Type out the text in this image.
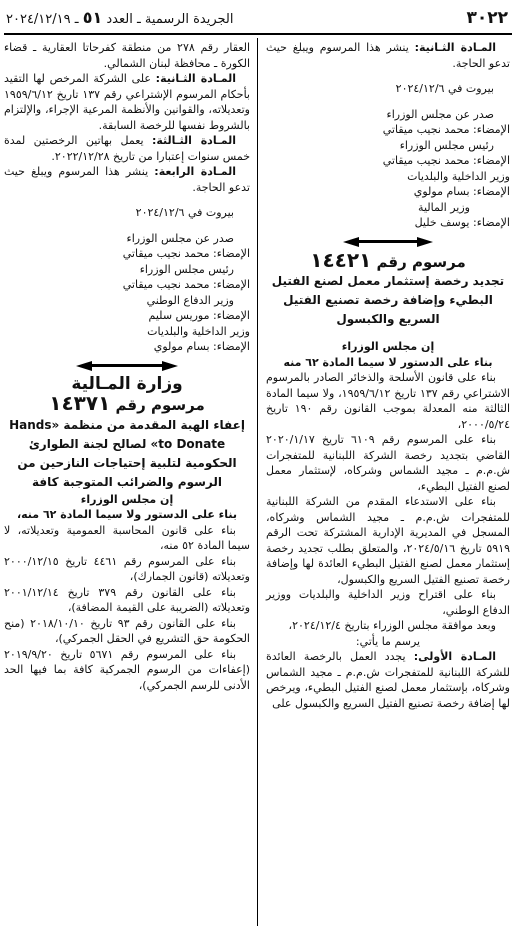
٣٠٢٢
الجريدة الرسمية ـ العدد ٥١ ـ ٢٠٢٤/١٢/١٩

المـادة الثـانية: ينشر هذا المرسوم ويبلغ حيث تدعو الحاجة.

بيروت في ٢٠٢٤/١٢/٦

صدر عن مجلس الوزراء

الإمضاء: محمد نجيب ميقاتي

رئيس مجلس الوزراء

الإمضاء: محمد نجيب ميقاتي

وزير الداخلية والبلديات

الإمضاء: بسام مولوي

وزير المالية

الإمضاء: يوسف خليل

مرسوم رقم ١٤٤٢١

تجديد رخصة إستثمار معمل لصنع الفتيل البطيء وإضافة رخصة تصنيع الفتيل السريع والكبسول

إن مجلس الوزراء

بناء على الدستور لا سيما المادة ٦٢ منه

بناء على قانون الأسلحة والذخائر الصادر بالمرسوم الاشتراعي رقم ١٣٧ تاريخ ١٩٥٩/٦/١٢، ولا سيما المادة الثالثة منه المعدلة بموجب القانون رقم ١٩٠ تاريخ ٢٠٠٠/٥/٢٤،

بناء على المرسوم رقم ٦١٠٩ تاريخ ٢٠٢٠/١/١٧ القاضي بتجديد رخصة الشركة اللبنانية للمتفجرات ش.م.م ـ مجيد الشماس وشركاه، لإستثمار معمل لصنع الفتيل البطيء،

بناء على الاستدعاء المقدم من الشركة اللبنانية للمتفجرات ش.م.م ـ مجيد الشماس وشركاه، المسجل في المديرية الإدارية المشتركة تحت الرقم ٥٩١٩ تاريخ ٢٠٢٤/٥/١٦، والمتعلق بطلب تجديد رخصة إستثمار معمل لصنع الفتيل البطيء العائدة لها وإضافة رخصة تصنيع الفتيل السريع والكبسول،

بناء على اقتراح وزير الداخلية والبلديات ووزير الدفاع الوطني،

وبعد موافقة مجلس الوزراء بتاريخ ٢٠٢٤/١٢/٤،

يرسم ما يأتي:

المـادة الأولى: يجدد العمل بالرخصة العائدة للشركة اللبنانية للمتفجرات ش.م.م ـ مجيد الشماس وشركاه، بإستثمار معمل لصنع الفتيل البطيء، ويرخص لها إضافة رخصة تصنيع الفتيل السريع والكبسول على

العقار رقم ٢٧٨ من منطقة كفرحاتا العقارية ـ قضاء الكورة ـ محافظة لبنان الشمالي.

المـادة الثـانية: على الشركة المرخص لها التقيد بأحكام المرسوم الإشتراعي رقم ١٣٧ تاريخ ١٩٥٩/٦/١٢ وتعديلاته، والقوانين والأنظمة المرعية الإجراء، والإلتزام بالشروط نفسها للرخصة السابقة.

المـادة الثـالثة: يعمل بهاتين الرخصتين لمدة خمس سنوات إعتبارا من تاريخ ٢٠٢٢/١٢/٢٨.

المـادة الرابعة: ينشر هذا المرسوم ويبلغ حيث تدعو الحاجة.

بيروت في ٢٠٢٤/١٢/٦

صدر عن مجلس الوزراء

الإمضاء: محمد نجيب ميقاتي

رئيس مجلس الوزراء

الإمضاء: محمد نجيب ميقاتي

وزير الدفاع الوطني

الإمضاء: موريس سليم

وزير الداخلية والبلديات

الإمضاء: بسام مولوي

وزارة المـالية

مرسوم رقم ١٤٣٧١

إعفاء الهبة المقدمة من منظمة «Hands to Donate» لصالح لجنة الطوارئ الحكومية لتلبية إحتياجات النازحين من الرسوم والضرائب المتوجبة كافة

إن مجلس الوزراء

بناء على الدستور ولا سيما المادة ٦٢ منه،

بناء على قانون المحاسبة العمومية وتعديلاته، لا سيما المادة ٥٢ منه،

بناء على المرسوم رقم ٤٤٦١ تاريخ ٢٠٠٠/١٢/١٥ وتعديلاته (قانون الجمارك)،

بناء على القانون رقم ٣٧٩ تاريخ ٢٠٠١/١٢/١٤ وتعديلاته (الضريبة على القيمة المضافة)،

بناء على القانون رقم ٩٣ تاريخ ٢٠١٨/١٠/١٠ (منح الحكومة حق التشريع في الحقل الجمركي)،

بناء على المرسوم رقم ٥٦٧١ تاريخ ٢٠١٩/٩/٢٠ (إعفاءات من الرسوم الجمركية كافة بما فيها الحد الأدنى للرسم الجمركي)،
